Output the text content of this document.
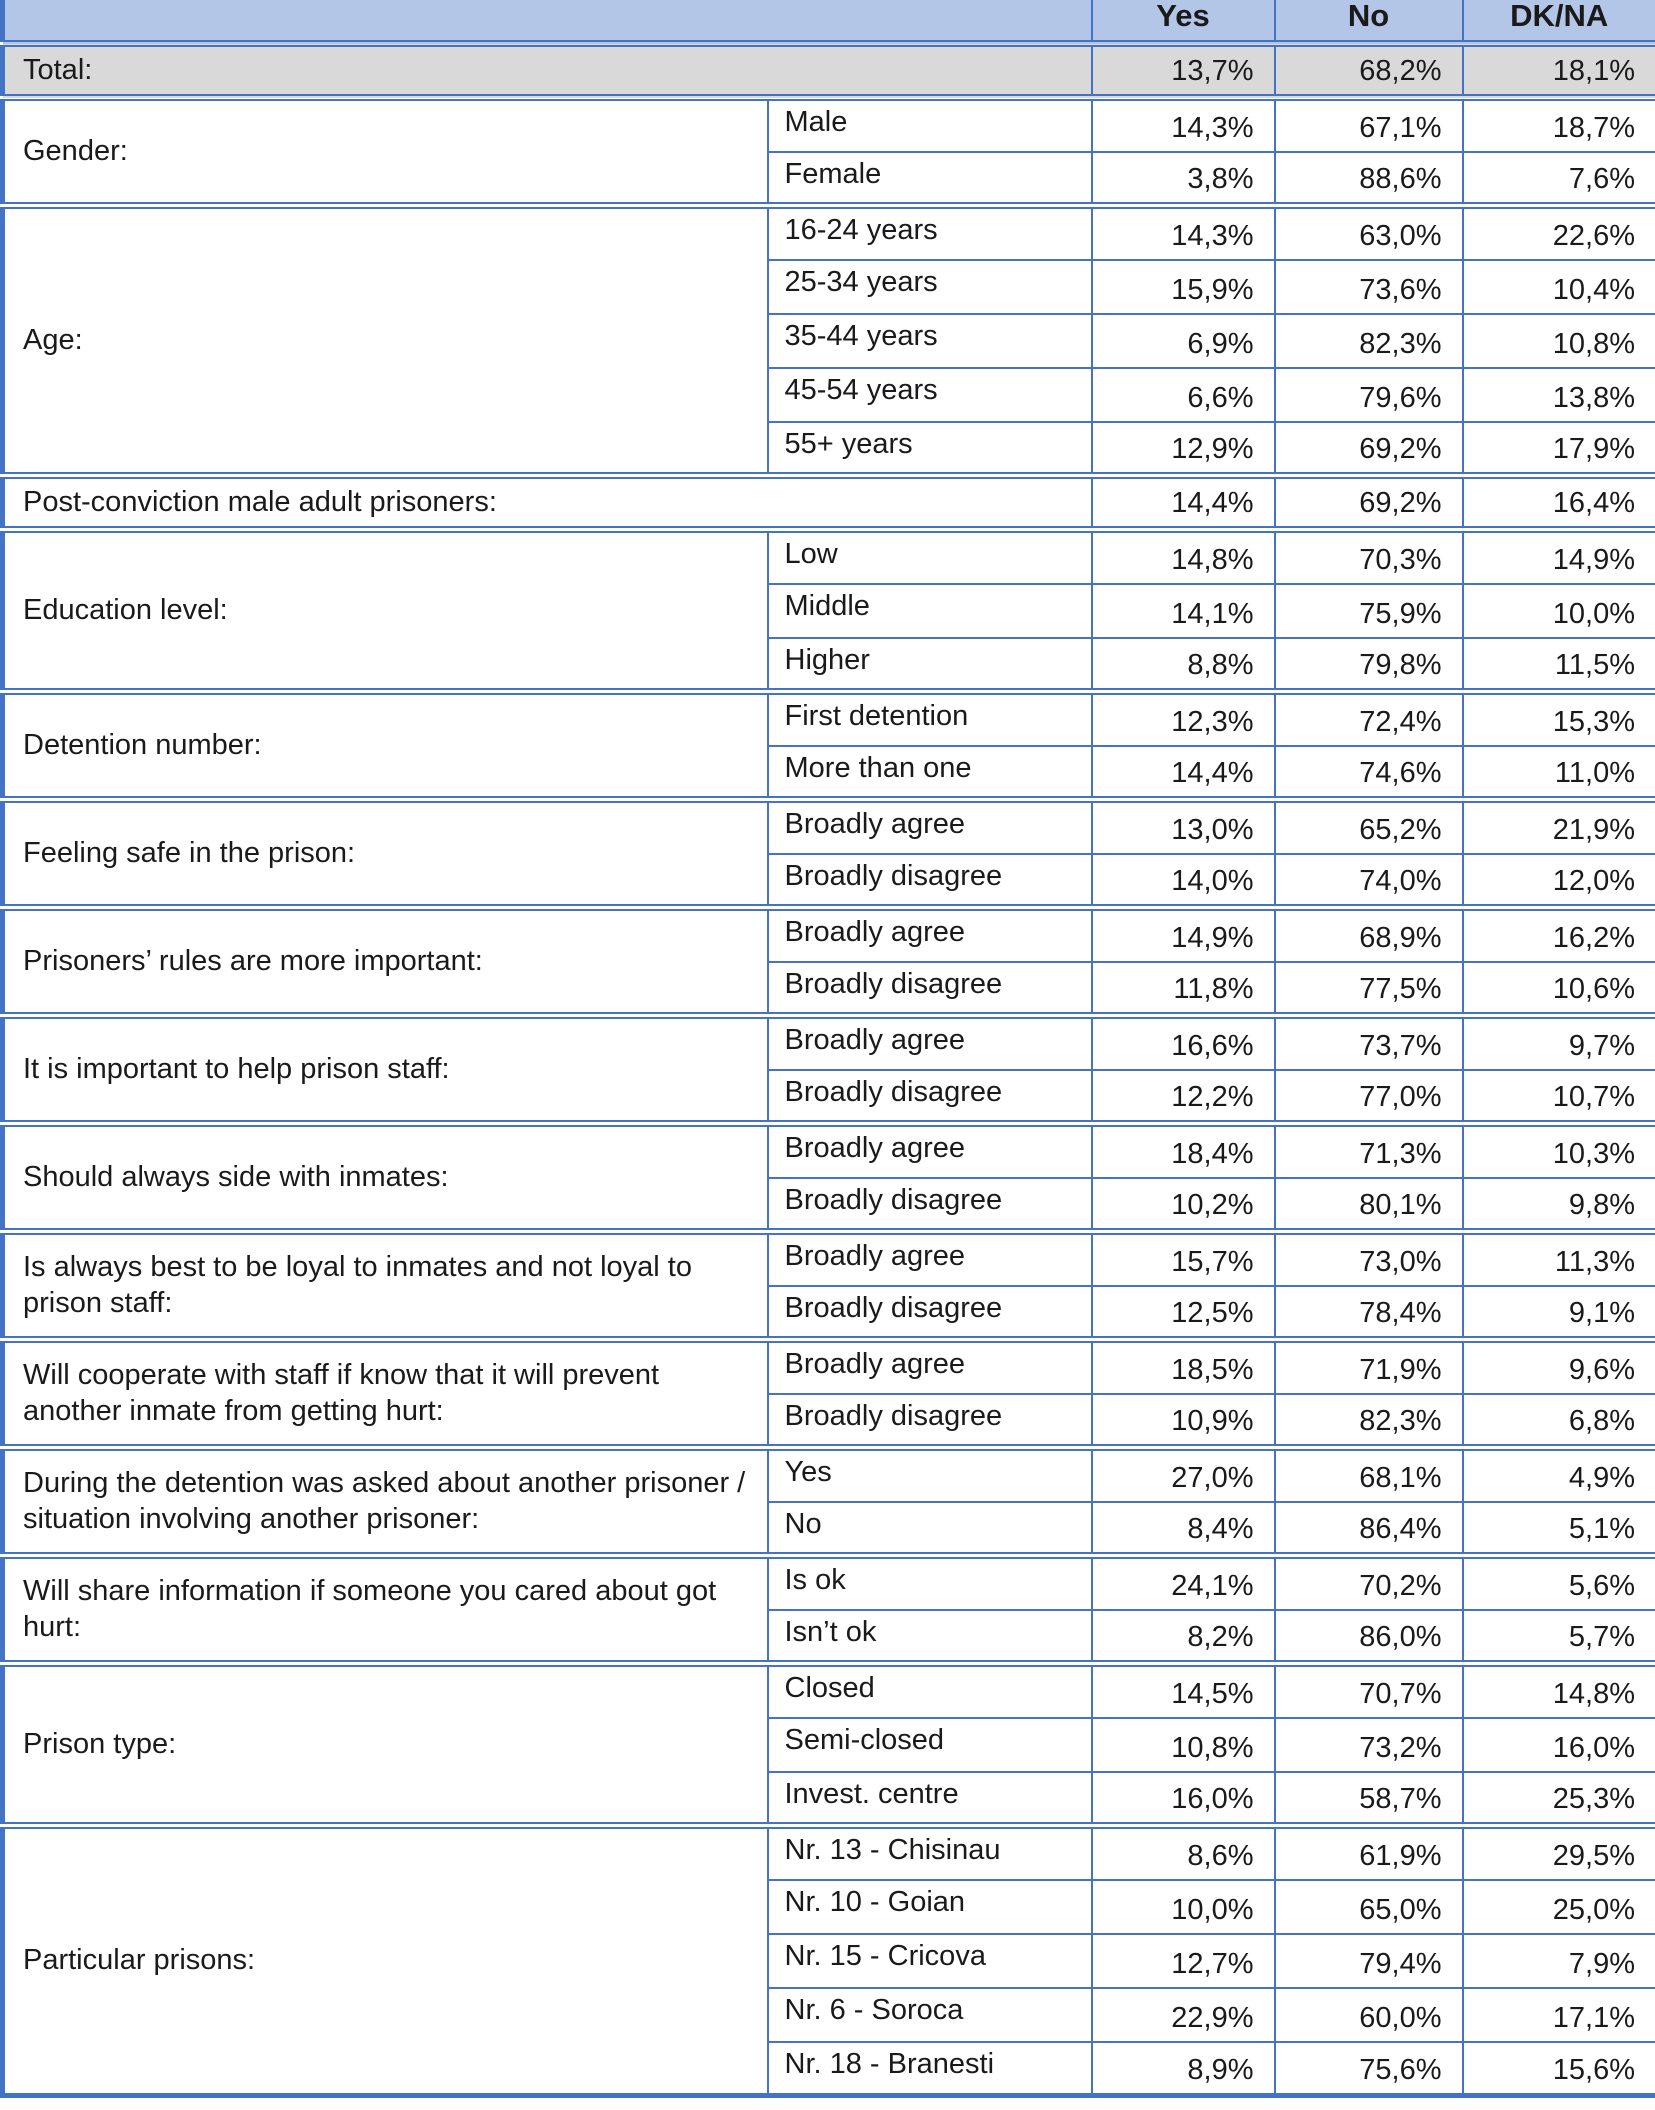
		Yes	No	DK/NA

Total:		13,7%	68,2%	18,1%
Gender:	Male	14,3%	67,1%	18,7%
	Female	3,8%	88,6%	7,6%
Age:	16-24 years	14,3%	63,0%	22,6%
	25-34 years	15,9%	73,6%	10,4%
	35-44 years	6,9%	82,3%	10,8%
	45-54 years	6,6%	79,6%	13,8%
	55+ years	12,9%	69,2%	17,9%
Post-conviction male adult prisoners:		14,4%	69,2%	16,4%
Education level:	Low	14,8%	70,3%	14,9%
	Middle	14,1%	75,9%	10,0%
	Higher	8,8%	79,8%	11,5%
Detention number:	First detention	12,3%	72,4%	15,3%
	More than one	14,4%	74,6%	11,0%
Feeling safe in the prison:	Broadly agree	13,0%	65,2%	21,9%
	Broadly disagree	14,0%	74,0%	12,0%
Prisoners’ rules are more important:	Broadly agree	14,9%	68,9%	16,2%
	Broadly disagree	11,8%	77,5%	10,6%
It is important to help prison staff:	Broadly agree	16,6%	73,7%	9,7%
	Broadly disagree	12,2%	77,0%	10,7%
Should always side with inmates:	Broadly agree	18,4%	71,3%	10,3%
	Broadly disagree	10,2%	80,1%	9,8%
Is always best to be loyal to inmates and not loyal to prison staff:	Broadly agree	15,7%	73,0%	11,3%
	Broadly disagree	12,5%	78,4%	9,1%
Will cooperate with staff if know that it will prevent another inmate from getting hurt:	Broadly agree	18,5%	71,9%	9,6%
	Broadly disagree	10,9%	82,3%	6,8%
During the detention was asked about another prisoner / situation involving another prisoner:	Yes	27,0%	68,1%	4,9%
	No	8,4%	86,4%	5,1%
Will share information if someone you cared about got hurt:	Is ok	24,1%	70,2%	5,6%
	Isn’t ok	8,2%	86,0%	5,7%
Prison type:	Closed	14,5%	70,7%	14,8%
	Semi-closed	10,8%	73,2%	16,0%
	Invest. centre	16,0%	58,7%	25,3%
Particular prisons:	Nr. 13 - Chisinau	8,6%	61,9%	29,5%
	Nr. 10 - Goian	10,0%	65,0%	25,0%
	Nr. 15 - Cricova	12,7%	79,4%	7,9%
	Nr. 6 - Soroca	22,9%	60,0%	17,1%
	Nr. 18 - Branesti	8,9%	75,6%	15,6%
